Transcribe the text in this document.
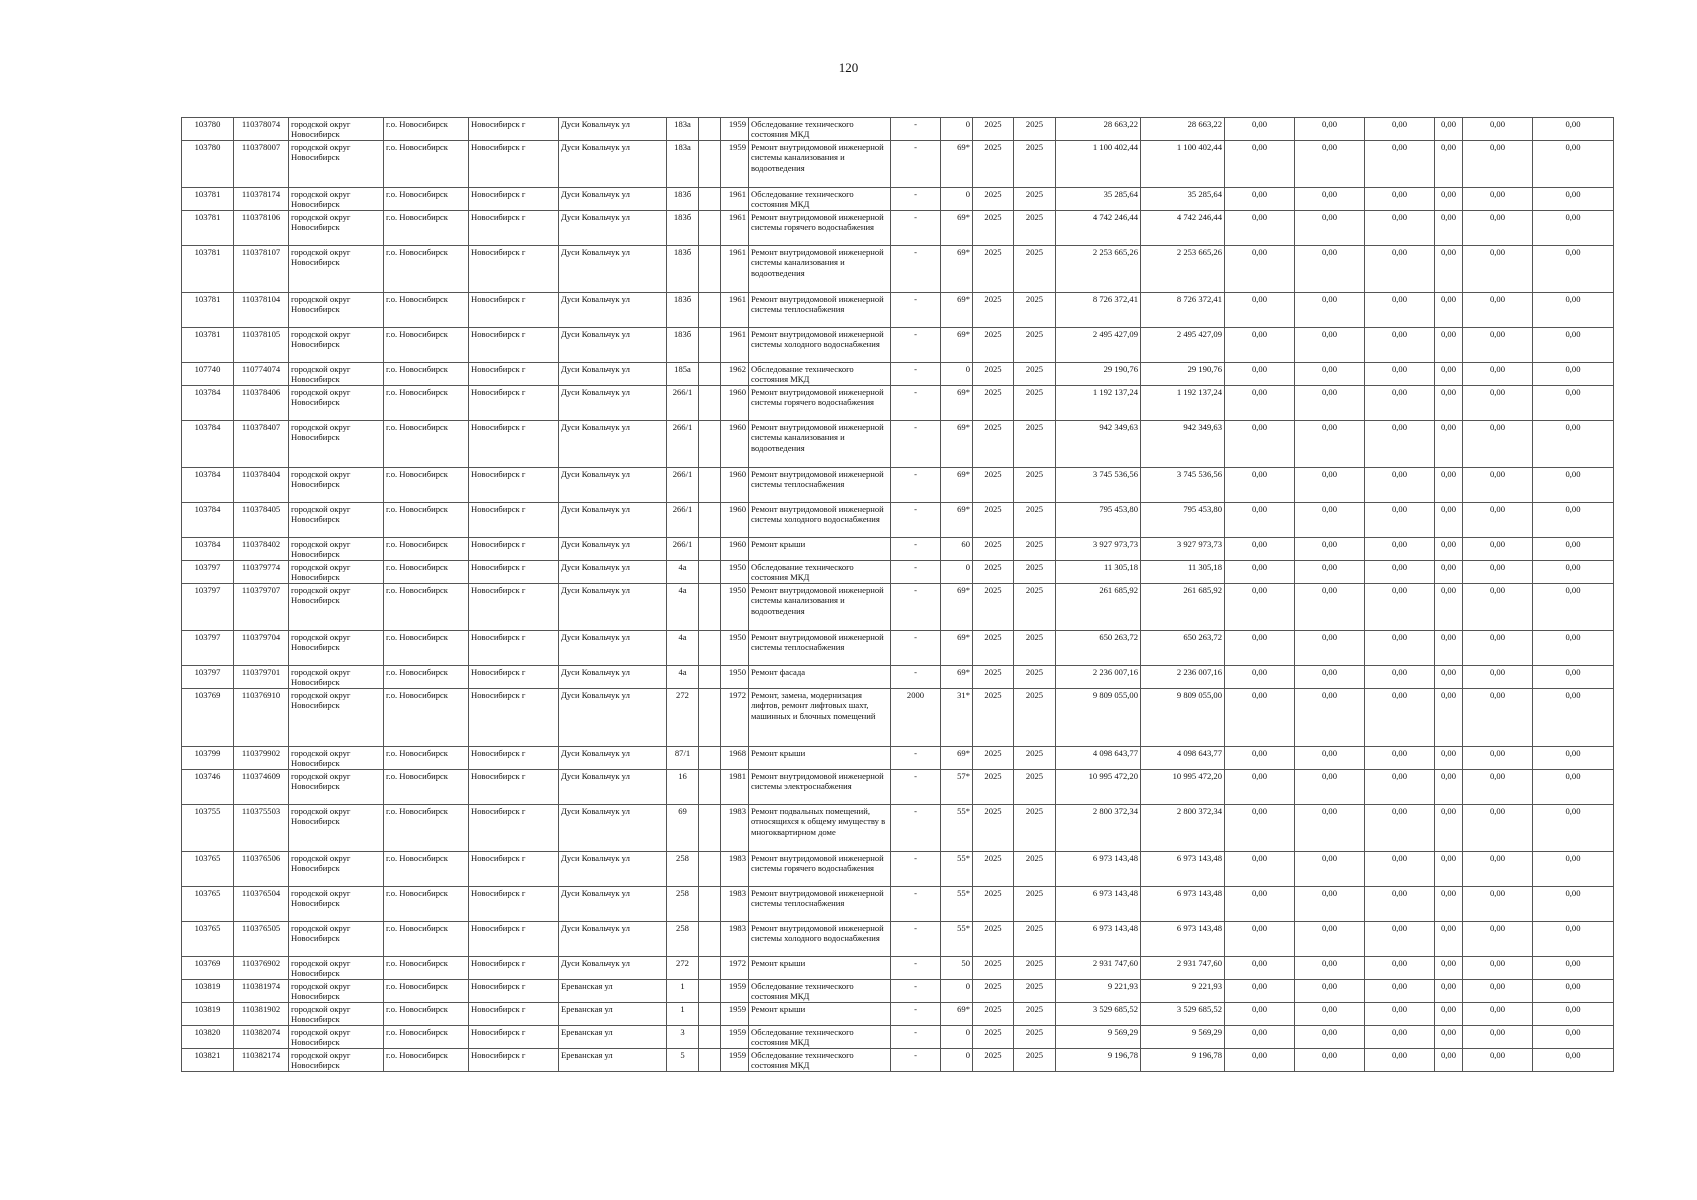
120
103780	110378074	городской округ Новосибирск	г.о. Новосибирск	Новосибирск г	Дуси Ковальчук ул	183а		1959	Обследование технического состояния МКД	-	0	2025	2025	28 663,22	28 663,22	0,00	0,00	0,00	0,00	0,00	0,00
103780	110378007	городской округ Новосибирск	г.о. Новосибирск	Новосибирск г	Дуси Ковальчук ул	183а		1959	Ремонт внутридомовой инженерной системы канализования и водоотведения	-	69*	2025	2025	1 100 402,44	1 100 402,44	0,00	0,00	0,00	0,00	0,00	0,00
103781	110378174	городской округ Новосибирск	г.о. Новосибирск	Новосибирск г	Дуси Ковальчук ул	183б		1961	Обследование технического состояния МКД	-	0	2025	2025	35 285,64	35 285,64	0,00	0,00	0,00	0,00	0,00	0,00
103781	110378106	городской округ Новосибирск	г.о. Новосибирск	Новосибирск г	Дуси Ковальчук ул	183б		1961	Ремонт внутридомовой инженерной системы горячего водоснабжения	-	69*	2025	2025	4 742 246,44	4 742 246,44	0,00	0,00	0,00	0,00	0,00	0,00
103781	110378107	городской округ Новосибирск	г.о. Новосибирск	Новосибирск г	Дуси Ковальчук ул	183б		1961	Ремонт внутридомовой инженерной системы канализования и водоотведения	-	69*	2025	2025	2 253 665,26	2 253 665,26	0,00	0,00	0,00	0,00	0,00	0,00
103781	110378104	городской округ Новосибирск	г.о. Новосибирск	Новосибирск г	Дуси Ковальчук ул	183б		1961	Ремонт внутридомовой инженерной системы теплоснабжения	-	69*	2025	2025	8 726 372,41	8 726 372,41	0,00	0,00	0,00	0,00	0,00	0,00
103781	110378105	городской округ Новосибирск	г.о. Новосибирск	Новосибирск г	Дуси Ковальчук ул	183б		1961	Ремонт внутридомовой инженерной системы холодного водоснабжения	-	69*	2025	2025	2 495 427,09	2 495 427,09	0,00	0,00	0,00	0,00	0,00	0,00
107740	110774074	городской округ Новосибирск	г.о. Новосибирск	Новосибирск г	Дуси Ковальчук ул	185а		1962	Обследование технического состояния МКД	-	0	2025	2025	29 190,76	29 190,76	0,00	0,00	0,00	0,00	0,00	0,00
103784	110378406	городской округ Новосибирск	г.о. Новосибирск	Новосибирск г	Дуси Ковальчук ул	266/1		1960	Ремонт внутридомовой инженерной системы горячего водоснабжения	-	69*	2025	2025	1 192 137,24	1 192 137,24	0,00	0,00	0,00	0,00	0,00	0,00
103784	110378407	городской округ Новосибирск	г.о. Новосибирск	Новосибирск г	Дуси Ковальчук ул	266/1		1960	Ремонт внутридомовой инженерной системы канализования и водоотведения	-	69*	2025	2025	942 349,63	942 349,63	0,00	0,00	0,00	0,00	0,00	0,00
103784	110378404	городской округ Новосибирск	г.о. Новосибирск	Новосибирск г	Дуси Ковальчук ул	266/1		1960	Ремонт внутридомовой инженерной системы теплоснабжения	-	69*	2025	2025	3 745 536,56	3 745 536,56	0,00	0,00	0,00	0,00	0,00	0,00
103784	110378405	городской округ Новосибирск	г.о. Новосибирск	Новосибирск г	Дуси Ковальчук ул	266/1		1960	Ремонт внутридомовой инженерной системы холодного водоснабжения	-	69*	2025	2025	795 453,80	795 453,80	0,00	0,00	0,00	0,00	0,00	0,00
103784	110378402	городской округ Новосибирск	г.о. Новосибирск	Новосибирск г	Дуси Ковальчук ул	266/1		1960	Ремонт крыши	-	60	2025	2025	3 927 973,73	3 927 973,73	0,00	0,00	0,00	0,00	0,00	0,00
103797	110379774	городской округ Новосибирск	г.о. Новосибирск	Новосибирск г	Дуси Ковальчук ул	4а		1950	Обследование технического состояния МКД	-	0	2025	2025	11 305,18	11 305,18	0,00	0,00	0,00	0,00	0,00	0,00
103797	110379707	городской округ Новосибирск	г.о. Новосибирск	Новосибирск г	Дуси Ковальчук ул	4а		1950	Ремонт внутридомовой инженерной системы канализования и водоотведения	-	69*	2025	2025	261 685,92	261 685,92	0,00	0,00	0,00	0,00	0,00	0,00
103797	110379704	городской округ Новосибирск	г.о. Новосибирск	Новосибирск г	Дуси Ковальчук ул	4а		1950	Ремонт внутридомовой инженерной системы теплоснабжения	-	69*	2025	2025	650 263,72	650 263,72	0,00	0,00	0,00	0,00	0,00	0,00
103797	110379701	городской округ Новосибирск	г.о. Новосибирск	Новосибирск г	Дуси Ковальчук ул	4а		1950	Ремонт фасада	-	69*	2025	2025	2 236 007,16	2 236 007,16	0,00	0,00	0,00	0,00	0,00	0,00
103769	110376910	городской округ Новосибирск	г.о. Новосибирск	Новосибирск г	Дуси Ковальчук ул	272		1972	Ремонт, замена, модернизация лифтов, ремонт лифтовых шахт, машинных и блочных помещений	2000	31*	2025	2025	9 809 055,00	9 809 055,00	0,00	0,00	0,00	0,00	0,00	0,00
103799	110379902	городской округ Новосибирск	г.о. Новосибирск	Новосибирск г	Дуси Ковальчук ул	87/1		1968	Ремонт крыши	-	69*	2025	2025	4 098 643,77	4 098 643,77	0,00	0,00	0,00	0,00	0,00	0,00
103746	110374609	городской округ Новосибирск	г.о. Новосибирск	Новосибирск г	Дуси Ковальчук ул	16		1981	Ремонт внутридомовой инженерной системы электроснабжения	-	57*	2025	2025	10 995 472,20	10 995 472,20	0,00	0,00	0,00	0,00	0,00	0,00
103755	110375503	городской округ Новосибирск	г.о. Новосибирск	Новосибирск г	Дуси Ковальчук ул	69		1983	Ремонт подвальных помещений, относящихся к общему имуществу в многоквартирном доме	-	55*	2025	2025	2 800 372,34	2 800 372,34	0,00	0,00	0,00	0,00	0,00	0,00
103765	110376506	городской округ Новосибирск	г.о. Новосибирск	Новосибирск г	Дуси Ковальчук ул	258		1983	Ремонт внутридомовой инженерной системы горячего водоснабжения	-	55*	2025	2025	6 973 143,48	6 973 143,48	0,00	0,00	0,00	0,00	0,00	0,00
103765	110376504	городской округ Новосибирск	г.о. Новосибирск	Новосибирск г	Дуси Ковальчук ул	258		1983	Ремонт внутридомовой инженерной системы теплоснабжения	-	55*	2025	2025	6 973 143,48	6 973 143,48	0,00	0,00	0,00	0,00	0,00	0,00
103765	110376505	городской округ Новосибирск	г.о. Новосибирск	Новосибирск г	Дуси Ковальчук ул	258		1983	Ремонт внутридомовой инженерной системы холодного водоснабжения	-	55*	2025	2025	6 973 143,48	6 973 143,48	0,00	0,00	0,00	0,00	0,00	0,00
103769	110376902	городской округ Новосибирск	г.о. Новосибирск	Новосибирск г	Дуси Ковальчук ул	272		1972	Ремонт крыши	-	50	2025	2025	2 931 747,60	2 931 747,60	0,00	0,00	0,00	0,00	0,00	0,00
103819	110381974	городской округ Новосибирск	г.о. Новосибирск	Новосибирск г	Ереванская ул	1		1959	Обследование технического состояния МКД	-	0	2025	2025	9 221,93	9 221,93	0,00	0,00	0,00	0,00	0,00	0,00
103819	110381902	городской округ Новосибирск	г.о. Новосибирск	Новосибирск г	Ереванская ул	1		1959	Ремонт крыши	-	69*	2025	2025	3 529 685,52	3 529 685,52	0,00	0,00	0,00	0,00	0,00	0,00
103820	110382074	городской округ Новосибирск	г.о. Новосибирск	Новосибирск г	Ереванская ул	3		1959	Обследование технического состояния МКД	-	0	2025	2025	9 569,29	9 569,29	0,00	0,00	0,00	0,00	0,00	0,00
103821	110382174	городской округ Новосибирск	г.о. Новосибирск	Новосибирск г	Ереванская ул	5		1959	Обследование технического состояния МКД	-	0	2025	2025	9 196,78	9 196,78	0,00	0,00	0,00	0,00	0,00	0,00
